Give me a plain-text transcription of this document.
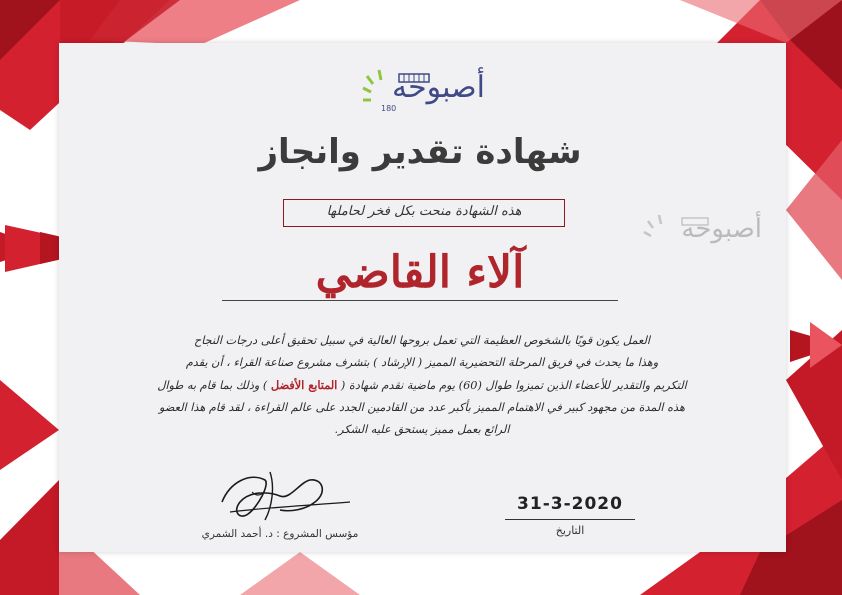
أصبوحه
180
أصبوحه
شهادة تقدير وانجاز
هذه الشهادة منحت بكل فخر لحاملها
آلاء القاضي
العمل يكون قويًا بالشخوص العظيمة التي تعمل بروحها العالية في سبيل تحقيق أعلى درجات النجاح
وهذا ما يحدث في فريق المرحلة التحضيرية المميز ( الإرشاد ) بتشرف مشروع صناعة القراء ، أن يقدم
التكريم والتقدير للأعضاء الذين تميزوا طوال (60) يوم ماضية نقدم شهادة ( المتابع الأفضل ) وذلك بما قام به طوال
هذه المدة من مجهود كبير في الاهتمام المميز بأكبر عدد من القادمين الجدد على عالم القراءة ، لقد قام هذا العضو
الرائع بعمل مميز يستحق عليه الشكر.
مؤسس المشروع : د. أحمد الشمري
31-3-2020
التاريخ
